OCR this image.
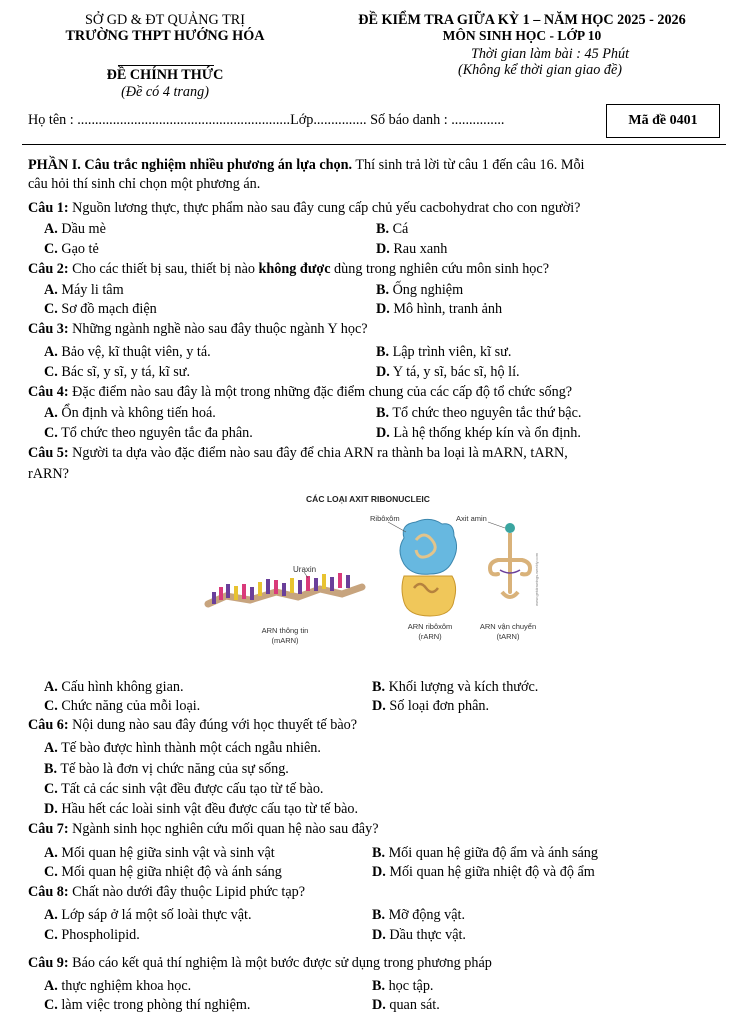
SỞ GD & ĐT QUẢNG TRỊ
TRƯỜNG THPT HƯỚNG HÓA
ĐỀ CHÍNH THỨC
(Đề có 4 trang)
ĐỀ KIỂM TRA GIỮA KỲ 1 – NĂM HỌC 2025 - 2026
MÔN SINH HỌC - LỚP 10
Thời gian làm bài : 45 Phút
(Không kể thời gian giao đề)
Họ tên : ............................................................Lớp............... Số báo danh : ...............	Mã đề 0401
PHẦN I. Câu trắc nghiệm nhiều phương án lựa chọn. Thí sinh trả lời từ câu 1 đến câu 16. Mỗi
câu hỏi thí sinh chỉ chọn một phương án.
Câu 1: Nguồn lương thực, thực phẩm nào sau đây cung cấp chủ yếu cacbohydrat cho con người?
A. Dầu mè	B. Cá
C. Gạo tẻ	D. Rau xanh
Câu 2: Cho các thiết bị sau, thiết bị nào không được dùng trong nghiên cứu môn sinh học?
A. Máy li tâm	B. Ống nghiệm
C. Sơ đồ mạch điện	D. Mô hình, tranh ảnh
Câu 3: Những ngành nghề nào sau đây thuộc ngành Y học?
A. Bảo vệ, kĩ thuật viên, y tá.	B. Lập trình viên, kĩ sư.
C. Bác sĩ, y sĩ, y tá, kĩ sư.	D. Y tá, y sĩ, bác sĩ, hộ lí.
Câu 4: Đặc điểm nào sau đây là một trong những đặc điểm chung của các cấp độ tổ chức sống?
A. Ổn định và không tiến hoá.	B. Tổ chức theo nguyên tắc thứ bậc.
C. Tổ chức theo nguyên tắc đa phân.	D. Là hệ thống khép kín và ổn định.
Câu 5: Người ta dựa vào đặc điểm nào sau đây để chia ARN ra thành ba loại là mARN, tARN,
rARN?
CÁC LOẠI AXIT RIBONUCLEIC
Uraxin
ARN thông tin
(mARN)
Ribôxôm
ARN ribôxôm
(rARN)
Axit amin
ARN vận chuyển
(tARN)
www.getdrawings.weebly.com
A. Cấu hình không gian.	B. Khối lượng và kích thước.
C. Chức năng của mỗi loại.	D. Số loại đơn phân.
Câu 6: Nội dung nào sau đây đúng với học thuyết tế bào?
A. Tế bào được hình thành một cách ngẫu nhiên.
B. Tế bào là đơn vị chức năng của sự sống.
C. Tất cả các sinh vật đều được cấu tạo từ tế bào.
D. Hầu hết các loài sinh vật đều được cấu tạo từ tế bào.
Câu 7: Ngành sinh học nghiên cứu mối quan hệ nào sau đây?
A. Mối quan hệ giữa sinh vật và sinh vật	B. Mối quan hệ giữa độ ẩm và ánh sáng
C. Mối quan hệ giữa nhiệt độ và ánh sáng	D. Mối quan hệ giữa nhiệt độ và độ ẩm
Câu 8: Chất nào dưới đây thuộc Lipid phức tạp?
A. Lớp sáp ở lá một số loài thực vật.	B. Mỡ động vật.
C. Phospholipid.	D. Dầu thực vật.
Câu 9: Báo cáo kết quả thí nghiệm là một bước được sử dụng trong phương pháp
A. thực nghiệm khoa học.	B. học tập.
C. làm việc trong phòng thí nghiệm.	D. quan sát.
